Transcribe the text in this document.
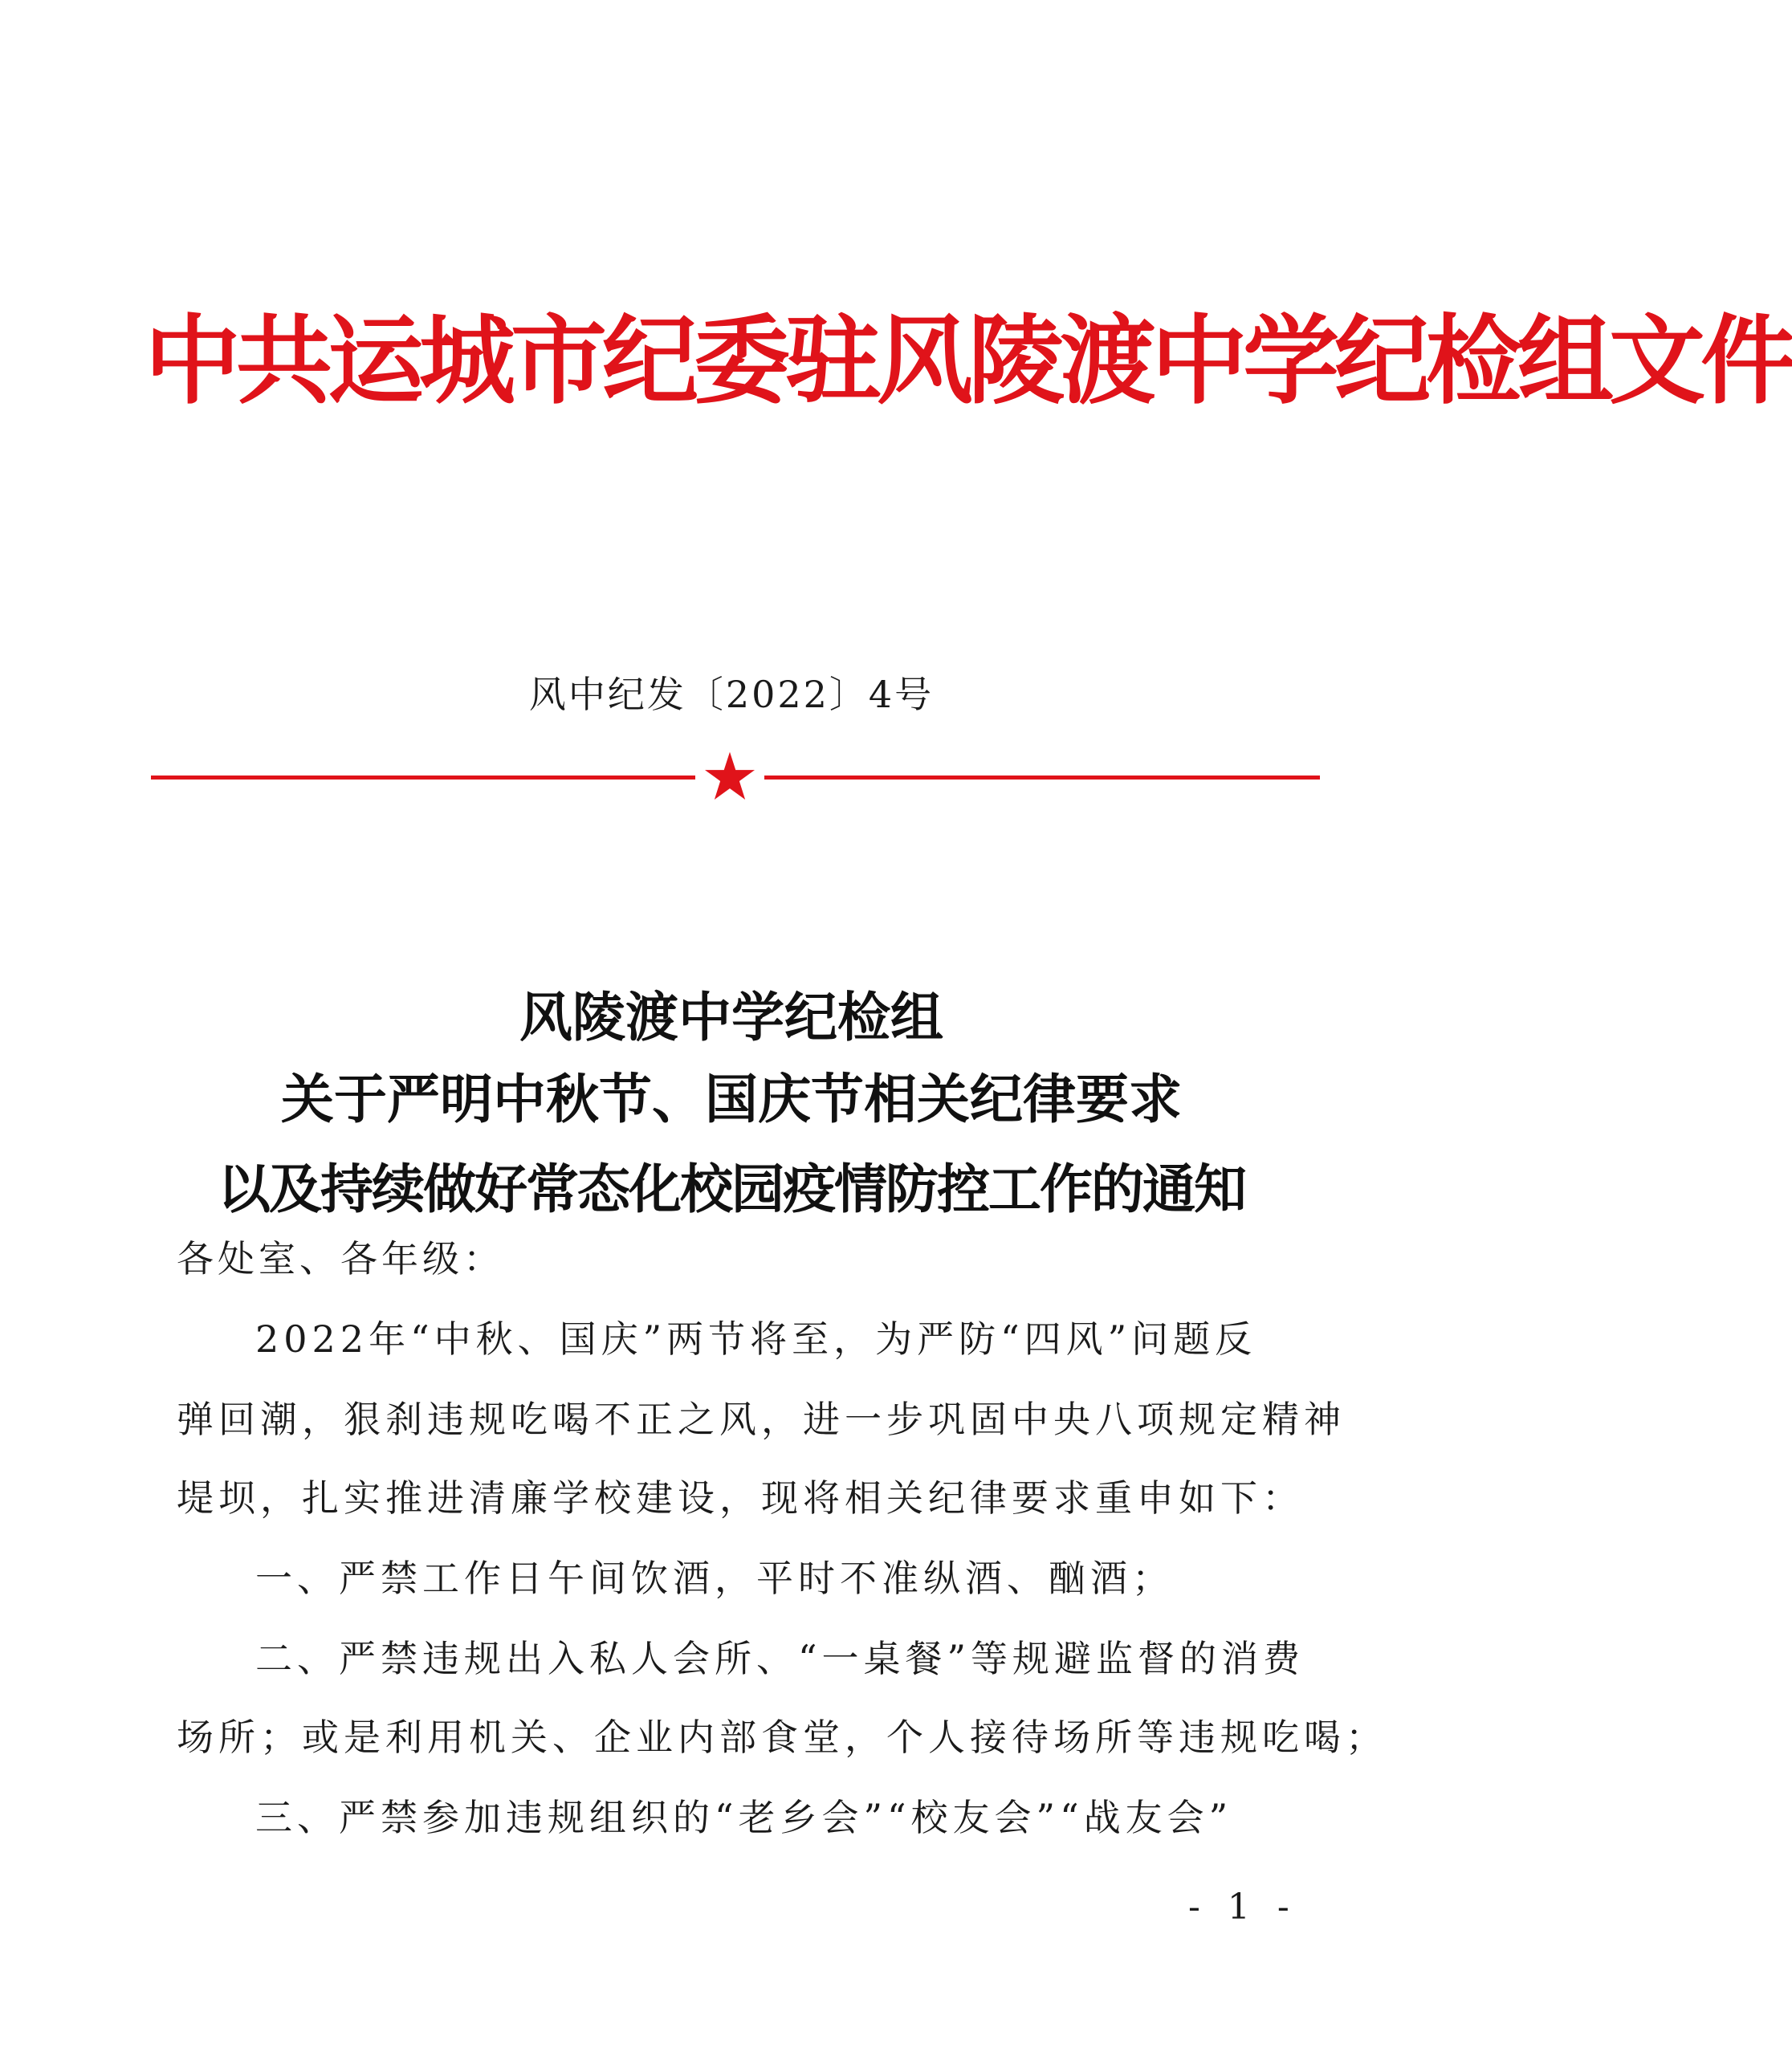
中共运城市纪委驻风陵渡中学纪检组文件
风中纪发〔2022〕4号
风陵渡中学纪检组
关于严明中秋节、国庆节相关纪律要求
以及持续做好常态化校园疫情防控工作的通知
各处室、各年级：
2022年“中秋、国庆”两节将至，为严防“四风”问题反
弹回潮，狠刹违规吃喝不正之风，进一步巩固中央八项规定精神
堤坝，扎实推进清廉学校建设，现将相关纪律要求重申如下：
一、严禁工作日午间饮酒，平时不准纵酒、酗酒；
二、严禁违规出入私人会所、“一桌餐”等规避监督的消费
场所；或是利用机关、企业内部食堂，个人接待场所等违规吃喝；
三、严禁参加违规组织的“老乡会”“校友会”“战友会”
- 1 -
